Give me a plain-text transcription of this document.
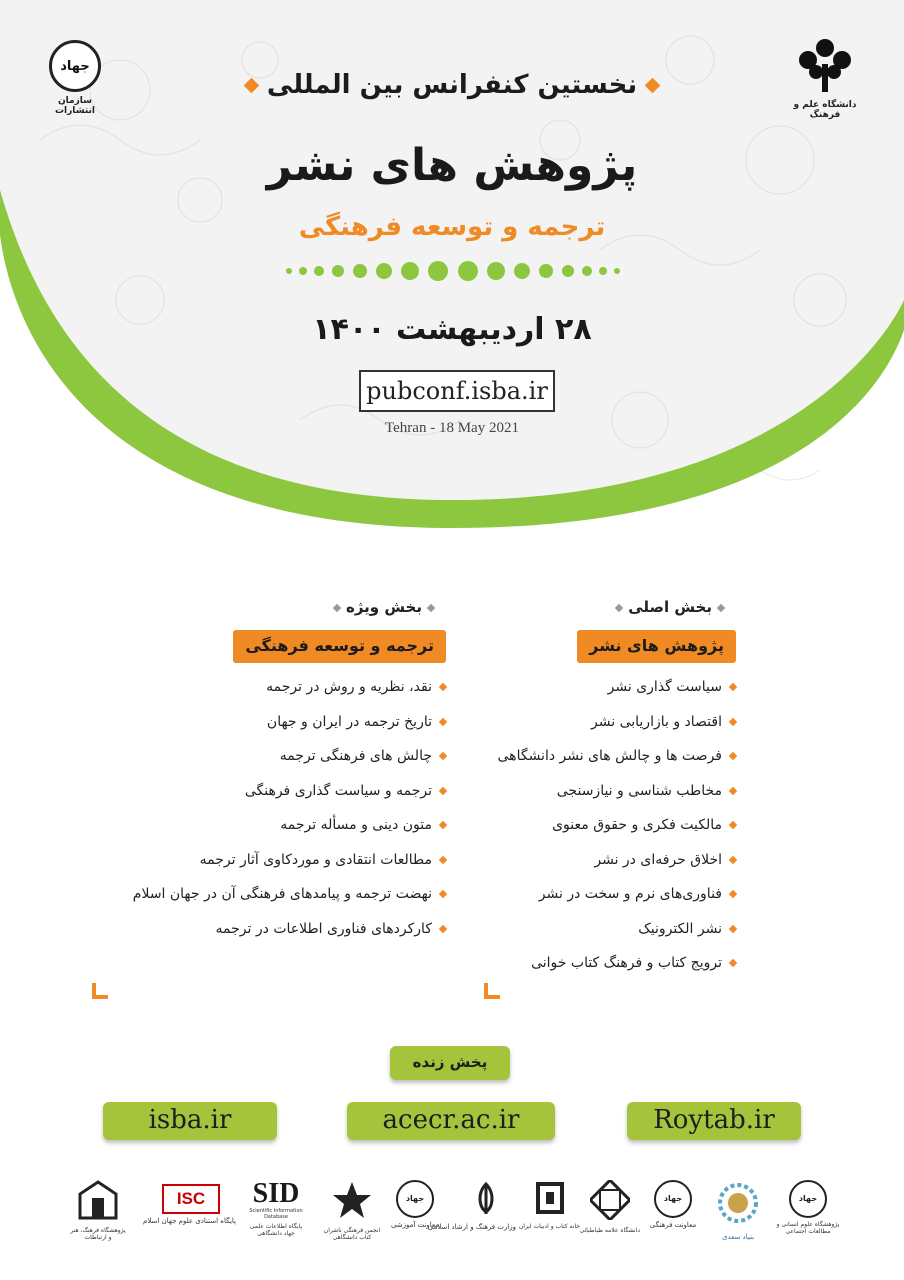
جهاد
سازمان انتشارات
دانشگاه علم و فرهنگ
نخستین کنفرانس بین المللی
پژوهش های نشر
ترجمه و توسعه فرهنگی
۲۸ اردیبهشت ۱۴۰۰
pubconf.isba.ir
Tehran - 18 May 2021
بخش اصلی
پژوهش های نشر
سیاست گذاری نشر
اقتصاد و بازاریابی نشر
فرصت ها و چالش های نشر دانشگاهی
مخاطب شناسی و نیازسنجی
مالکیت فکری و حقوق معنوی
اخلاق حرفه‌ای در نشر
فناوری‌های نرم و سخت در نشر
نشر الکترونیک
ترویج کتاب و فرهنگ کتاب خوانی
بخش ویژه
ترجمه و توسعه فرهنگی
نقد، نظریه و روش در ترجمه
تاریخ ترجمه در ایران و جهان
چالش های فرهنگی ترجمه
ترجمه و سیاست گذاری فرهنگی
متون دینی و مسأله ترجمه
مطالعات انتقادی و موردکاوی آثار ترجمه
نهضت ترجمه و پیامدهای فرهنگی آن در جهان اسلام
کارکردهای فناوری اطلاعات در ترجمه
پخش زنده
isba.ir	acecr.ac.ir	Roytab.ir
پژوهشگاه فرهنگ، هنر و ارتباطات
ISC
پایگاه استنادی علوم جهان اسلام
SID
Scientific Information Database
پایگاه اطلاعات علمی جهاد دانشگاهی	انجمن فرهنگی ناشران کتاب دانشگاهی
جهاد
معاونت آموزشی
وزارت فرهنگ و ارشاد اسلامی خانه کتاب و ادبیات ایران
دانشگاه علامه طباطبائی
جهاد
معاونت فرهنگی
بنیاد سعدی
جهاد
پژوهشگاه علوم انسانی و مطالعات اجتماعی
